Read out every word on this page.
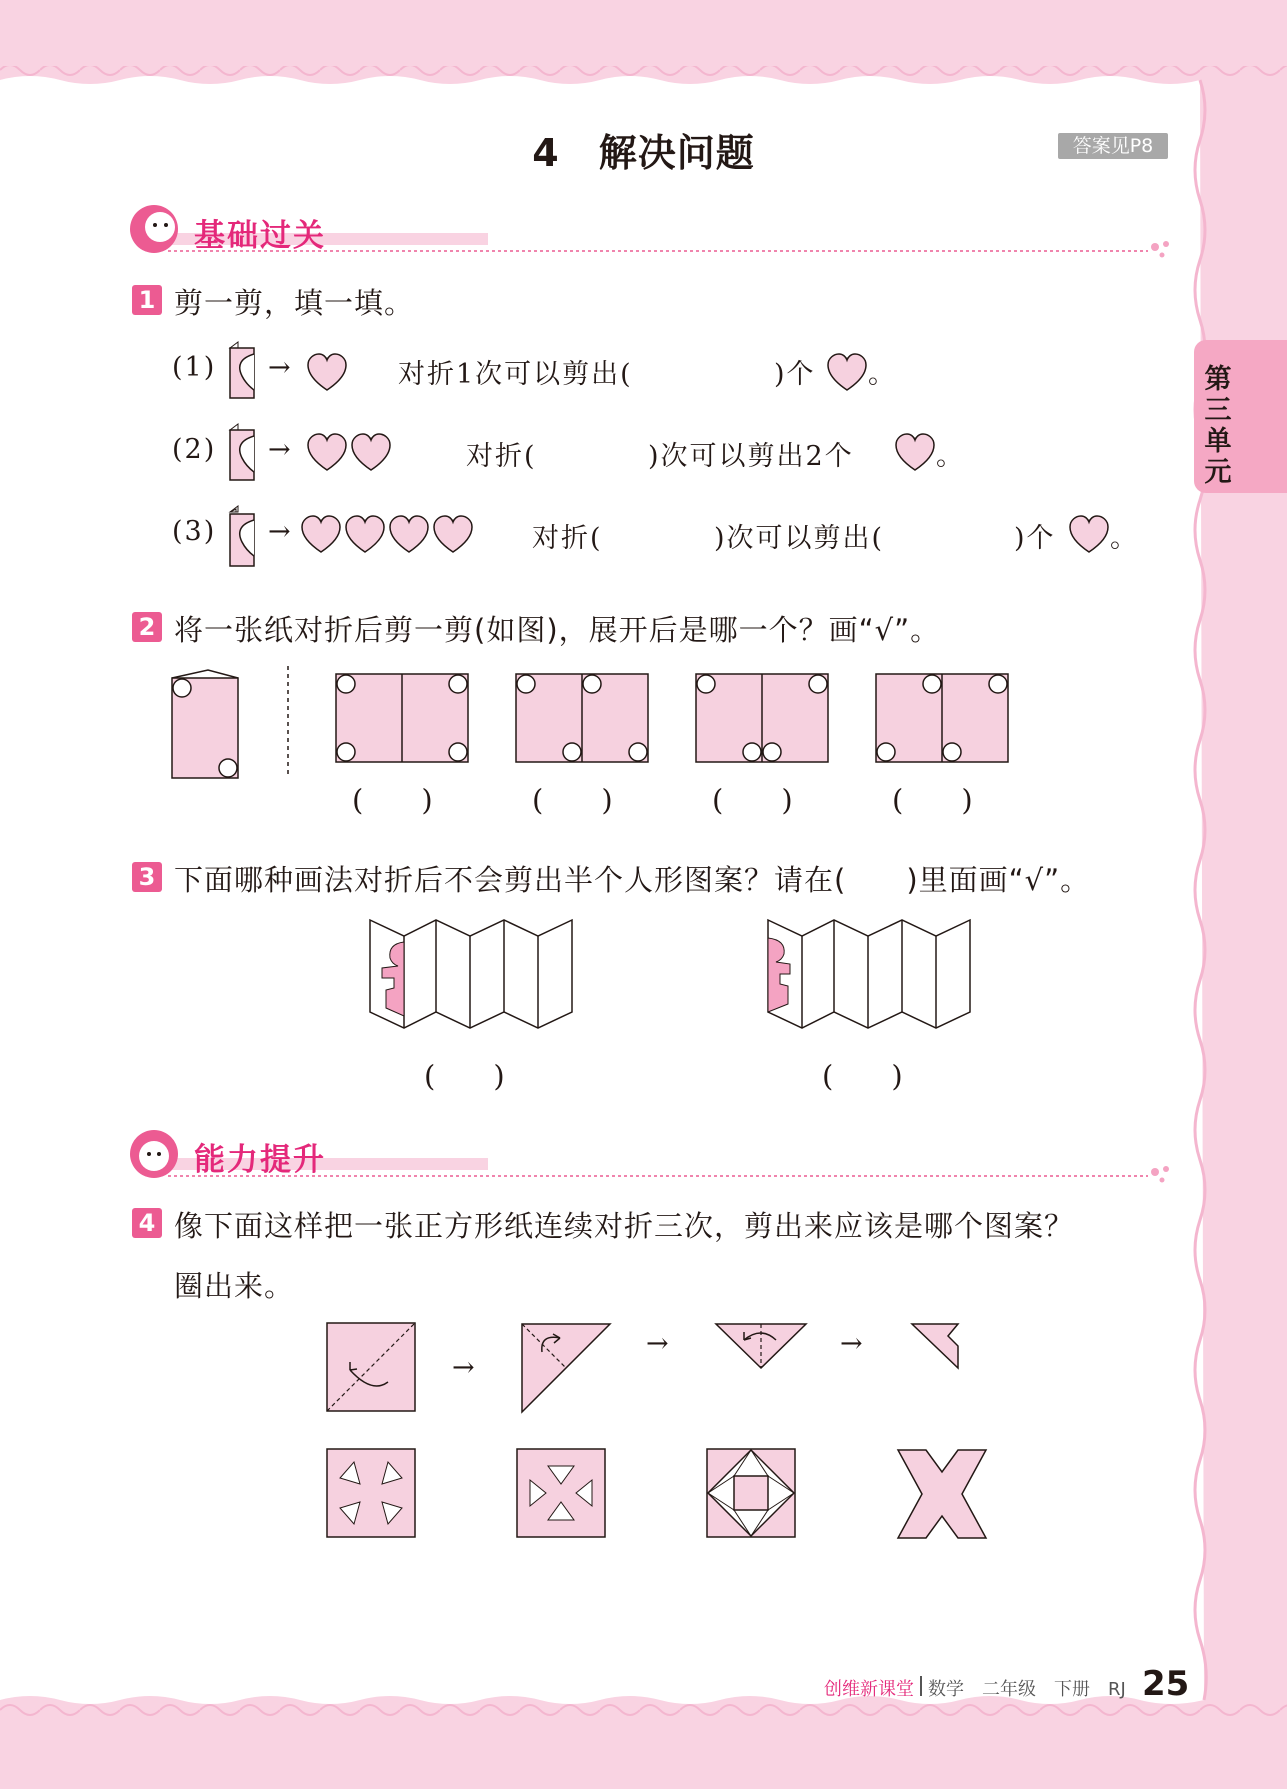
4　解决问题	答案见P8
第三单元
基础过关
1 剪一剪，填一填。
(1) →	对折1次可以剪出(	)个 。
(2) →	对折(	)次可以剪出2个	。
(3) →	对折(	)次可以剪出(	)个 。
2 将一张纸对折后剪一剪(如图)，展开后是哪一个？画“√”。
(　　)	(　　)	(　　)	(　　)
3 下面哪种画法对折后不会剪出半个人形图案？请在(　　)里面画“√”。
(　　)	(　　)
能力提升
4 像下面这样把一张正方形纸连续对折三次，剪出来应该是哪个图案？
圈出来。
→
→	→
创维新课堂 数学　二年级　下册　RJ 25
